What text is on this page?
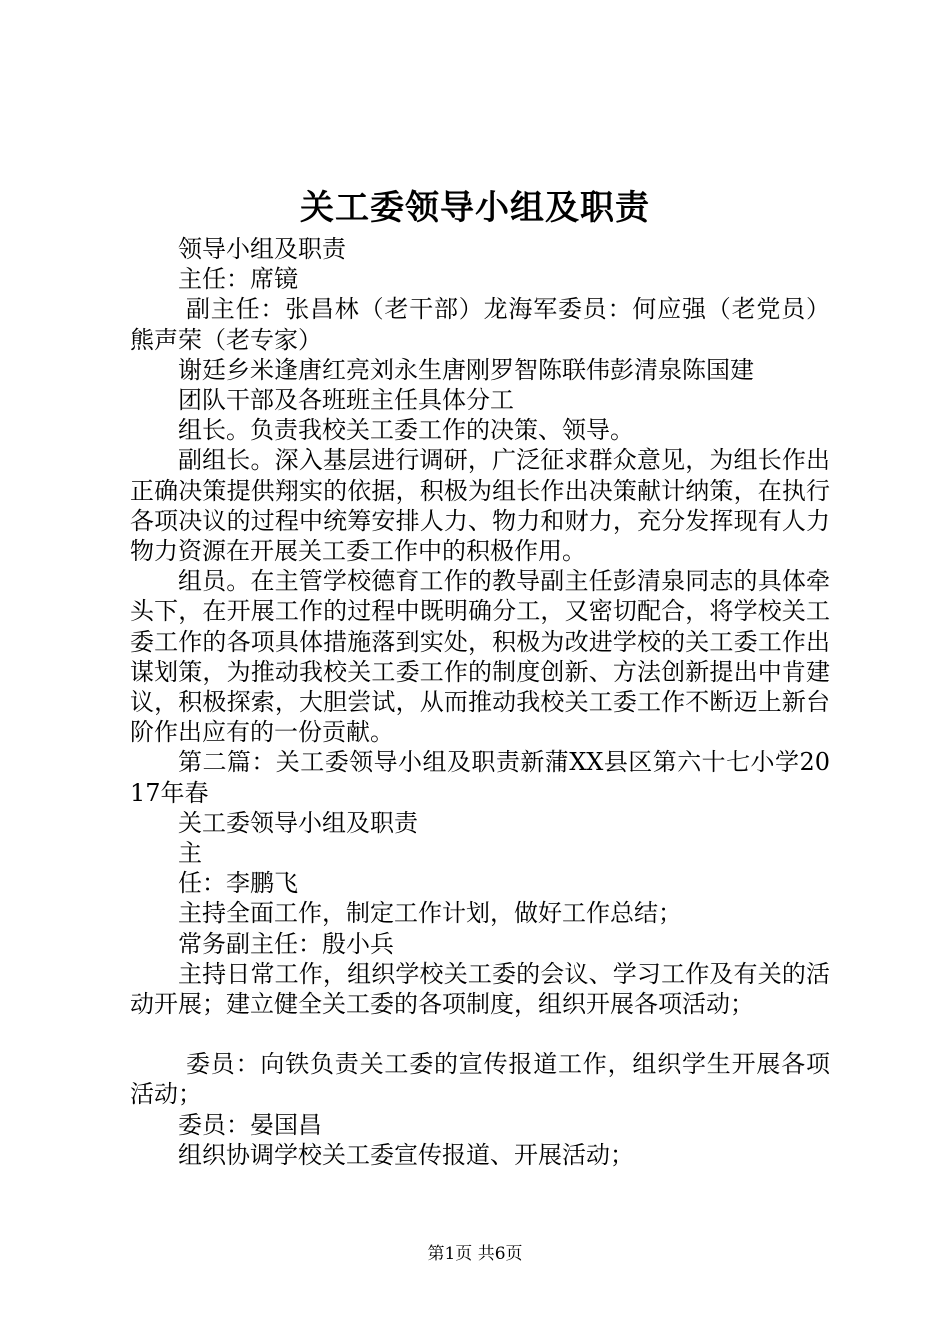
关工委领导小组及职责

领导小组及职责

主任：席镜

副主任：张昌林（老干部）龙海军委员：何应强（老党员）熊声荣（老专家）

谢廷乡米逢唐红亮刘永生唐刚罗智陈联伟彭清泉陈国建

团队干部及各班班主任具体分工

组长。负责我校关工委工作的决策、领导。

副组长。深入基层进行调研，广泛征求群众意见，为组长作出正确决策提供翔实的依据，积极为组长作出决策献计纳策，在执行各项决议的过程中统筹安排人力、物力和财力，充分发挥现有人力物力资源在开展关工委工作中的积极作用。

组员。在主管学校德育工作的教导副主任彭清泉同志的具体牵头下，在开展工作的过程中既明确分工，又密切配合，将学校关工委工作的各项具体措施落到实处，积极为改进学校的关工委工作出谋划策，为推动我校关工委工作的制度创新、方法创新提出中肯建议，积极探索，大胆尝试，从而推动我校关工委工作不断迈上新台阶作出应有的一份贡献。

第二篇：关工委领导小组及职责新蒲XX县区第六十七小学2017年春

关工委领导小组及职责

主

任：李鹏飞

主持全面工作，制定工作计划，做好工作总结；

常务副主任：殷小兵

主持日常工作，组织学校关工委的会议、学习工作及有关的活动开展；建立健全关工委的各项制度，组织开展各项活动；

委员：向铁负责关工委的宣传报道工作，组织学生开展各项活动；

委员：晏国昌

组织协调学校关工委宣传报道、开展活动；

第1页 共6页
